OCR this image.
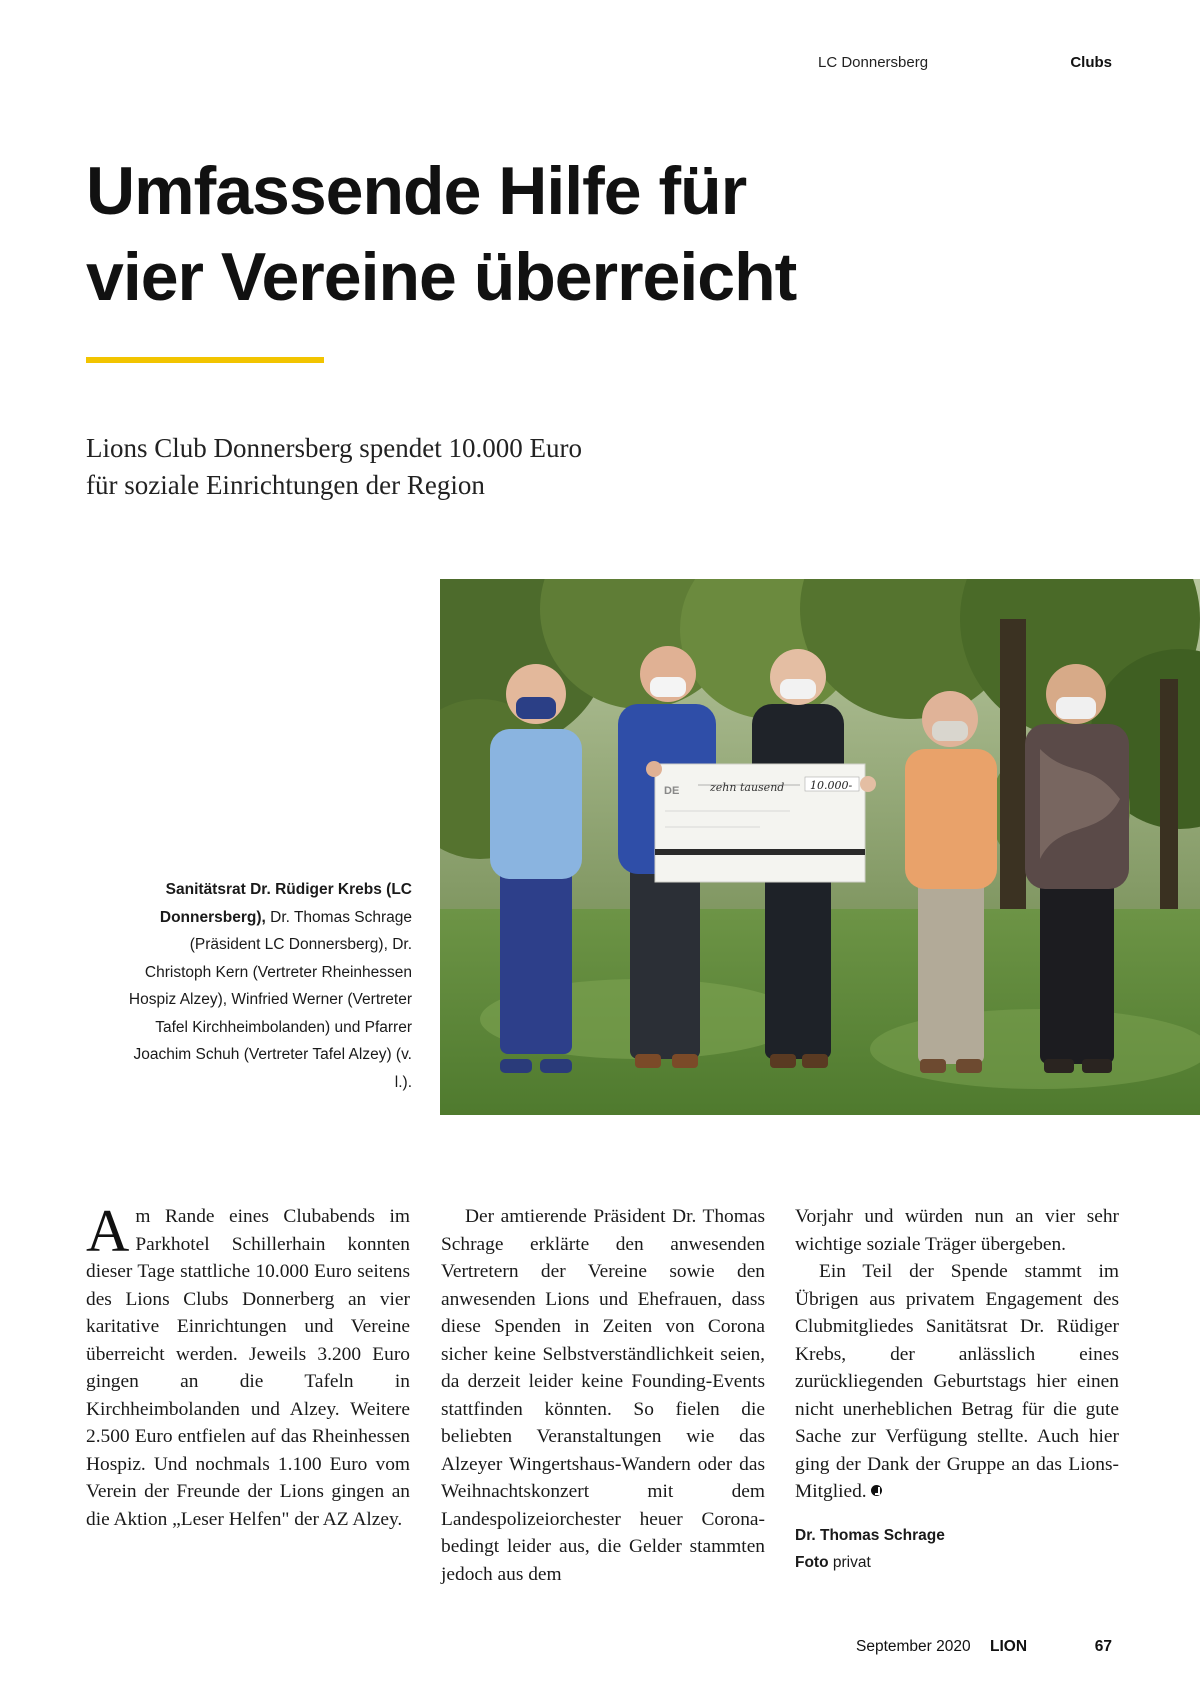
LC Donnersberg	Clubs
Umfassende Hilfe für
vier Vereine überreicht
Lions Club Donnersberg spendet 10.000 Euro
für soziale Einrichtungen der Region
DE	zehn tausend 10.000-
Sanitätsrat Dr. Rüdiger Krebs (LC Donnersberg), Dr. Thomas Schrage (Präsident LC Donnersberg), Dr. Christoph Kern (Vertreter Rheinhessen Hospiz Alzey), Winfried Werner (Vertreter Tafel Kirchheimbolanden) und Pfarrer Joachim Schuh (Vertreter Tafel Alzey) (v. l.).

Am Rande eines Clubabends im Parkhotel Schillerhain konnten dieser Tage stattliche 10.000 Euro seitens des Lions Clubs Donnerberg an vier karitative Einrichtungen und Vereine überreicht werden. Jeweils 3.200 Euro gingen an die Tafeln in Kirchheimbolanden und Alzey. Weitere 2.500 Euro entfielen auf das Rheinhessen Hospiz. Und nochmals 1.100 Euro vom Verein der Freunde der Lions gingen an die Aktion „Leser Helfen" der AZ Alzey.

Der amtierende Präsident Dr. Thomas Schrage erklärte den anwesenden Vertretern der Vereine sowie den anwesenden Lions und Ehefrauen, dass diese Spenden in Zeiten von Corona sicher keine Selbstverständlichkeit seien, da derzeit leider keine Founding-Events stattfinden könnten. So fielen die beliebten Veranstaltungen wie das Alzeyer Wingertshaus-Wandern oder das Weihnachtskonzert mit dem Landespolizeiorchester heuer Corona-bedingt leider aus, die Gelder stammten jedoch aus dem

Vorjahr und würden nun an vier sehr wichtige soziale Träger übergeben.

Ein Teil der Spende stammt im Übrigen aus privatem Engagement des Clubmitgliedes Sanitätsrat Dr. Rüdiger Krebs, der anlässlich eines zurückliegenden Geburtstags hier einen nicht unerheblichen Betrag für die gute Sache zur Verfügung stellte. Auch hier ging der Dank der Gruppe an das Lions-Mitglied.

Dr. Thomas Schrage
Foto privat
September 2020 LION	67
